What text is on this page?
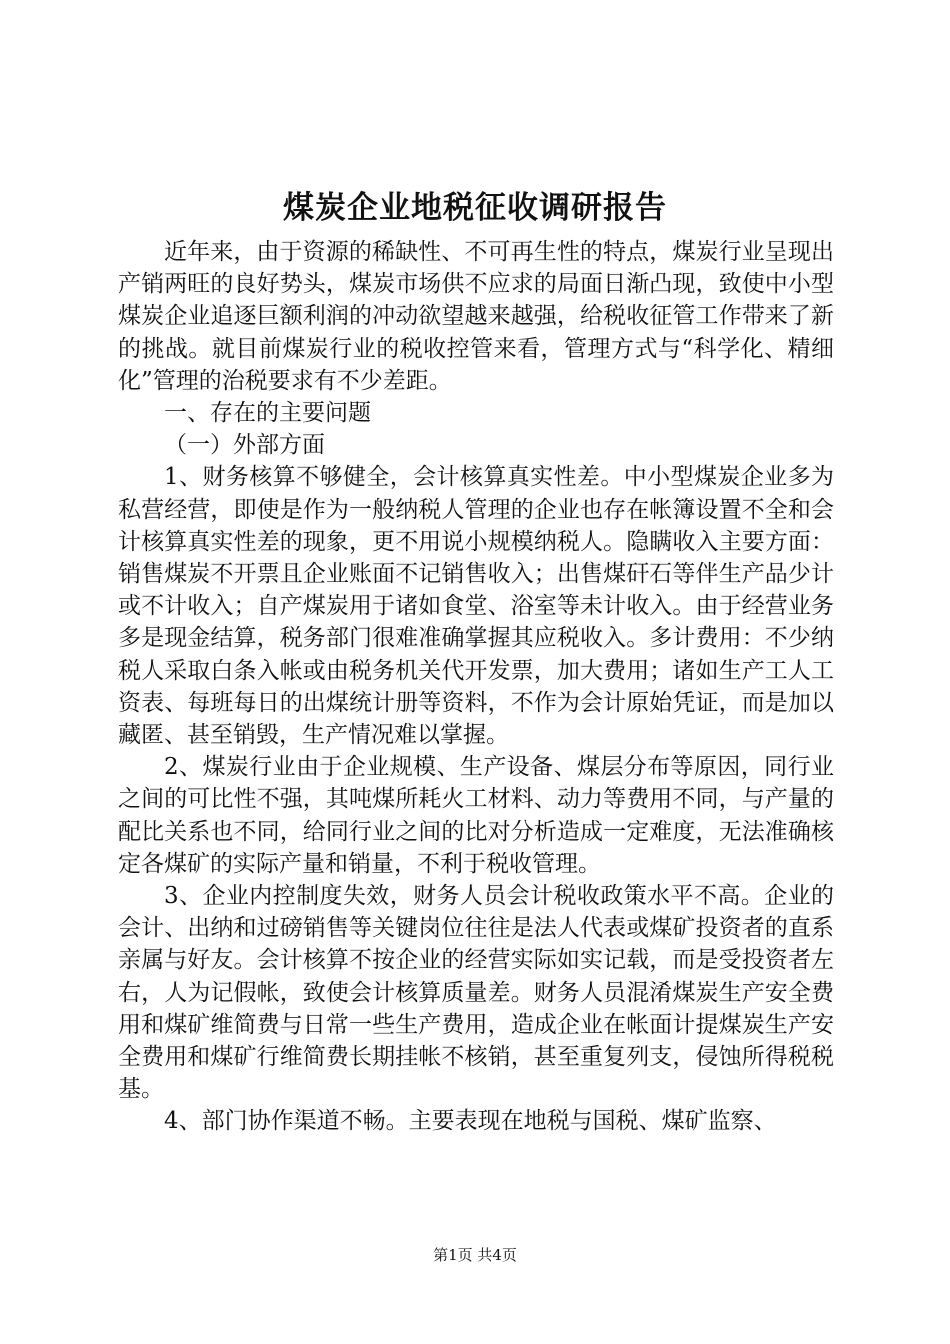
煤炭企业地税征收调研报告

近年来，由于资源的稀缺性、不可再生性的特点，煤炭行业呈现出产销两旺的良好势头，煤炭市场供不应求的局面日渐凸现，致使中小型煤炭企业追逐巨额利润的冲动欲望越来越强，给税收征管工作带来了新的挑战。就目前煤炭行业的税收控管来看，管理方式与“科学化、精细化”管理的治税要求有不少差距。

一、存在的主要问题

（一）外部方面

1、财务核算不够健全，会计核算真实性差。中小型煤炭企业多为私营经营，即使是作为一般纳税人管理的企业也存在帐簿设置不全和会计核算真实性差的现象，更不用说小规模纳税人。隐瞒收入主要方面：销售煤炭不开票且企业账面不记销售收入；出售煤矸石等伴生产品少计或不计收入；自产煤炭用于诸如食堂、浴室等未计收入。由于经营业务多是现金结算，税务部门很难准确掌握其应税收入。多计费用：不少纳税人采取白条入帐或由税务机关代开发票，加大费用；诸如生产工人工资表、每班每日的出煤统计册等资料，不作为会计原始凭证，而是加以藏匿、甚至销毁，生产情况难以掌握。

2、煤炭行业由于企业规模、生产设备、煤层分布等原因，同行业之间的可比性不强，其吨煤所耗火工材料、动力等费用不同，与产量的配比关系也不同，给同行业之间的比对分析造成一定难度，无法准确核定各煤矿的实际产量和销量，不利于税收管理。

3、企业内控制度失效，财务人员会计税收政策水平不高。企业的会计、出纳和过磅销售等关键岗位往往是法人代表或煤矿投资者的直系亲属与好友。会计核算不按企业的经营实际如实记载，而是受投资者左右，人为记假帐，致使会计核算质量差。财务人员混淆煤炭生产安全费用和煤矿维简费与日常一些生产费用，造成企业在帐面计提煤炭生产安全费用和煤矿行维简费长期挂帐不核销，甚至重复列支，侵蚀所得税税基。

4、部门协作渠道不畅。主要表现在地税与国税、煤矿监察、

第1页 共4页
